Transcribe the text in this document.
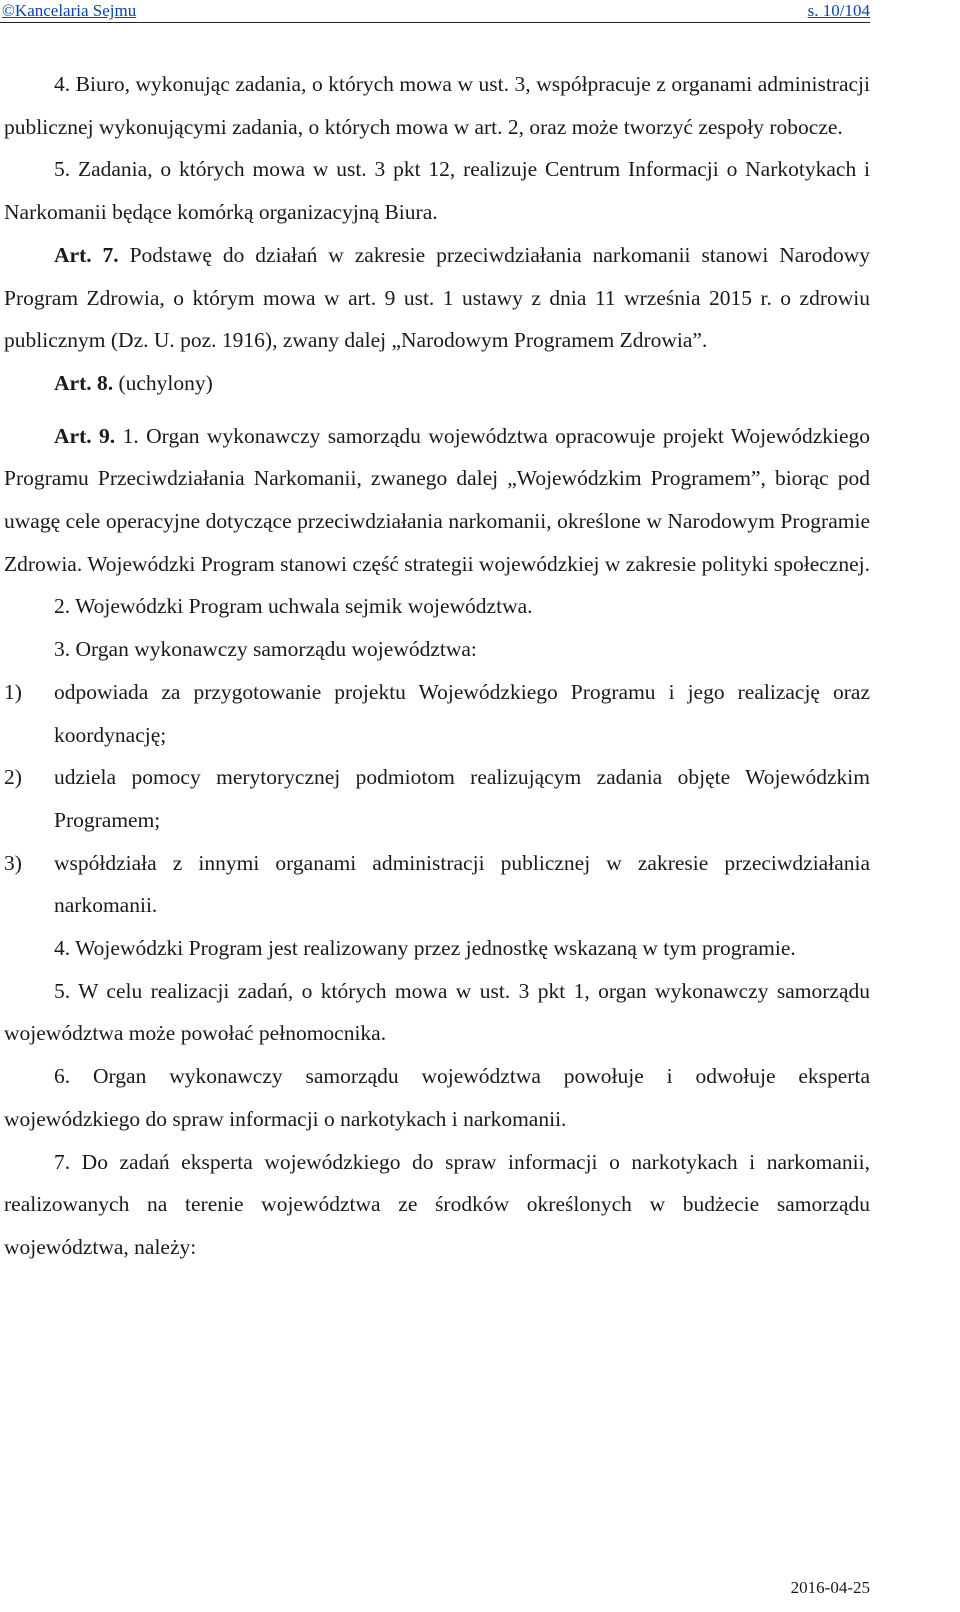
©Kancelaria Sejmu	s. 10/104

4. Biuro, wykonując zadania, o których mowa w ust. 3, współpracuje z organami administracji publicznej wykonującymi zadania, o których mowa w art. 2, oraz może tworzyć zespoły robocze.

5. Zadania, o których mowa w ust. 3 pkt 12, realizuje Centrum Informacji o Narkotykach i Narkomanii będące komórką organizacyjną Biura.

Art. 7. Podstawę do działań w zakresie przeciwdziałania narkomanii stanowi Narodowy Program Zdrowia, o którym mowa w art. 9 ust. 1 ustawy z dnia 11 września 2015 r. o zdrowiu publicznym (Dz. U. poz. 1916), zwany dalej „Narodowym Programem Zdrowia”.

Art. 8. (uchylony)

Art. 9. 1. Organ wykonawczy samorządu województwa opracowuje projekt Wojewódzkiego Programu Przeciwdziałania Narkomanii, zwanego dalej „Wojewódzkim Programem”, biorąc pod uwagę cele operacyjne dotyczące przeciwdziałania narkomanii, określone w Narodowym Programie Zdrowia. Wojewódzki Program stanowi część strategii wojewódzkiej w zakresie polityki społecznej.

2. Wojewódzki Program uchwala sejmik województwa.

3. Organ wykonawczy samorządu województwa:

1) odpowiada za przygotowanie projektu Wojewódzkiego Programu i jego realizację oraz koordynację;

2) udziela pomocy merytorycznej podmiotom realizującym zadania objęte Wojewódzkim Programem;

3) współdziała z innymi organami administracji publicznej w zakresie przeciwdziałania narkomanii.

4. Wojewódzki Program jest realizowany przez jednostkę wskazaną w tym programie.

5. W celu realizacji zadań, o których mowa w ust. 3 pkt 1, organ wykonawczy samorządu województwa może powołać pełnomocnika.

6. Organ wykonawczy samorządu województwa powołuje i odwołuje eksperta wojewódzkiego do spraw informacji o narkotykach i narkomanii.

7. Do zadań eksperta wojewódzkiego do spraw informacji o narkotykach i narkomanii, realizowanych na terenie województwa ze środków określonych w budżecie samorządu województwa, należy:

2016-04-25
